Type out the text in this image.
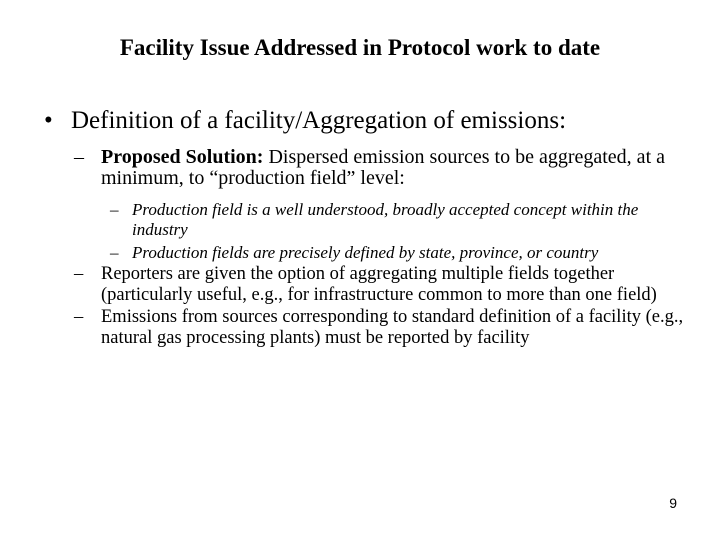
Facility Issue Addressed in Protocol work to date
• Definition of a facility/Aggregation of emissions:
– Proposed Solution: Dispersed emission sources to be aggregated, at a minimum, to “production field” level:
– Production field is a well understood, broadly accepted concept within the industry
– Production fields are precisely defined by state, province, or country
– Reporters are given the option of aggregating multiple fields together (particularly useful, e.g., for infrastructure common to more than one field)
– Emissions from sources corresponding to standard definition of a facility (e.g., natural gas processing plants) must be reported by facility
9
